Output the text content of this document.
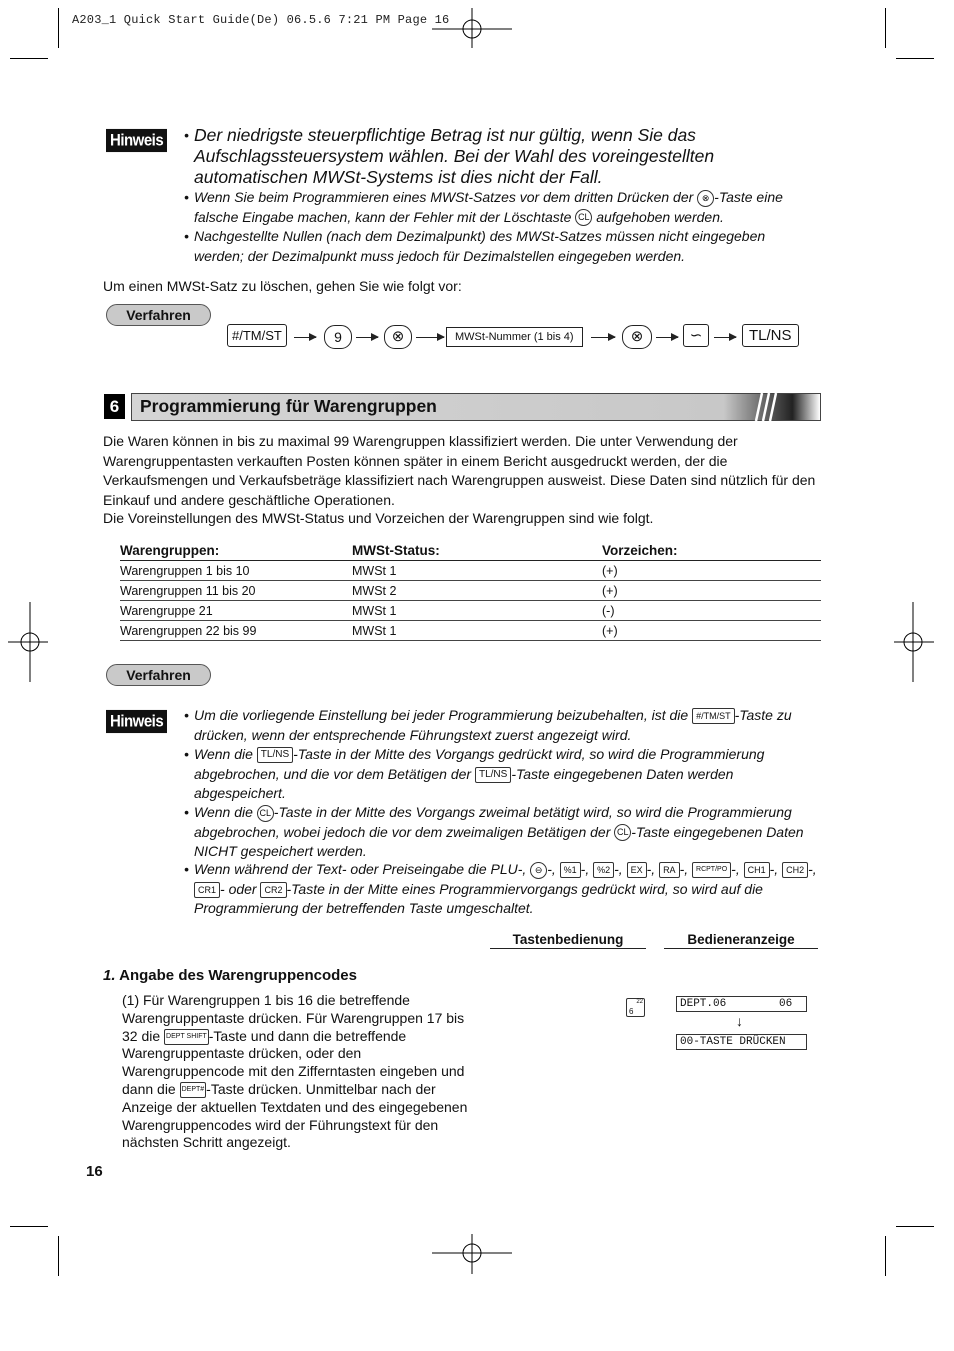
A203_1 Quick Start Guide(De) 06.5.6 7:21 PM Page 16
Hinweis • Der niedrigste steuerpflichtige Betrag ist nur gültig, wenn Sie das Aufschlagssteuersystem wählen. Bei der Wahl des voreingestellten automatischen MWSt-Systems ist dies nicht der Fall.
• Wenn Sie beim Programmieren eines MWSt-Satzes vor dem dritten Drücken der ⊗ -Taste eine falsche Eingabe machen, kann der Fehler mit der Löschtaste CL aufgehoben werden.
• Nachgestellte Nullen (nach dem Dezimalpunkt) des MWSt-Satzes müssen nicht eingegeben werden; der Dezimalpunkt muss jedoch für Dezimalstellen eingegeben werden.
Um einen MWSt-Satz zu löschen, gehen Sie wie folgt vor:
Verfahren
#/TM/ST	9	⊗	MWSt-Nummer (1 bis 4)	⊗	∽	TL/NS
6	Programmierung für Warengruppen
Die Waren können in bis zu maximal 99 Warengruppen klassifiziert werden. Die unter Verwendung der Warengruppentasten verkauften Posten können später in einem Bericht ausgedruckt werden, der die Verkaufsmengen und Verkaufsbeträge klassifiziert nach Warengruppen ausweist. Diese Daten sind nützlich für den Einkauf und andere geschäftliche Operationen.
Die Voreinstellungen des MWSt-Status und Vorzeichen der Warengruppen sind wie folgt.
Warengruppen:	MWSt-Status:	Vorzeichen:
Warengruppen 1 bis 10	MWSt 1	(+)
Warengruppen 11 bis 20	MWSt 2	(+)
Warengruppe 21	MWSt 1	(-)
Warengruppen 22 bis 99	MWSt 1	(+)
Verfahren
Hinweis • Um die vorliegende Einstellung bei jeder Programmierung beizubehalten, ist die #/TM/ST -Taste zu drücken, wenn der entsprechende Führungstext zuerst angezeigt wird.
• Wenn die TL/NS -Taste in der Mitte des Vorgangs gedrückt wird, so wird die Programmierung abgebrochen, und die vor dem Betätigen der TL/NS -Taste eingegebenen Daten werden abgespeichert.
• Wenn die CL -Taste in der Mitte des Vorgangs zweimal betätigt wird, so wird die Programmierung abgebrochen, wobei jedoch die vor dem zweimaligen Betätigen der CL -Taste eingegebenen Daten NICHT gespeichert werden.
• Wenn während der Text- oder Preiseingabe die PLU-, ⊖ -, %1 -, %2 -, EX -, RA -, RCPT/PO -, CH1 -, CH2 -, CR1 - oder CR2 -Taste in der Mitte eines Programmiervorgangs gedrückt wird, so wird auf die Programmierung der betreffenden Taste umgeschaltet.
Tastenbedienung	Bedieneranzeige
1. Angabe des Warengruppencodes
(1) Für Warengruppen 1 bis 16 die betreffende Warengruppentaste drücken. Für Warengruppen 17 bis 32 die DEPT SHIFT -Taste und dann die betreffende Warengruppentaste drücken, oder den Warengruppencode mit den Zifferntasten eingeben und dann die DEPT# -Taste drücken. Unmittelbar nach der Anzeige der aktuellen Textdaten und des eingegebenen Warengruppencodes wird der Führungstext für den nächsten Schritt angezeigt.
6
22	DEPT.06        06
↓
00-TASTE DRÜCKEN
16
